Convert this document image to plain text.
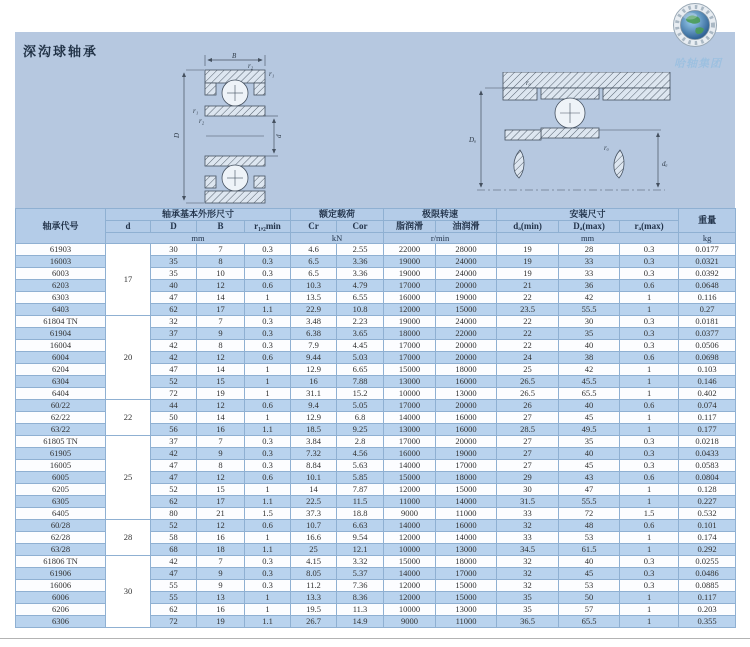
深沟球轴承	B
r₂
r₁
r₁
r₂
D	d
rₐ
rₐ
Dₐ
dₐ
哈轴集团
轴承代号	轴承基本外形尺寸				额定载荷		极限转速		安装尺寸			重量
	d	D	B	r₁,₂min	Cr	Cor	脂润滑	油润滑	dₐ(min)	Dₐ(max)	rₐ(max)	
	mm				kN		r/min		mm			kg
61903	17	30	7	0.3	4.6	2.55	22000	28000	19	28	0.3	0.0177
16003		35	8	0.3	6.5	3.36	19000	24000	19	33	0.3	0.0321
6003		35	10	0.3	6.5	3.36	19000	24000	19	33	0.3	0.0392
6203		40	12	0.6	10.3	4.79	17000	20000	21	36	0.6	0.0648
6303		47	14	1	13.5	6.55	16000	19000	22	42	1	0.116
6403		62	17	1.1	22.9	10.8	12000	15000	23.5	55.5	1	0.27
61804 TN	20	32	7	0.3	3.48	2.23	19000	24000	22	30	0.3	0.0181
61904		37	9	0.3	6.38	3.65	18000	22000	22	35	0.3	0.0377
16004		42	8	0.3	7.9	4.45	17000	20000	22	40	0.3	0.0506
6004		42	12	0.6	9.44	5.03	17000	20000	24	38	0.6	0.0698
6204		47	14	1	12.9	6.65	15000	18000	25	42	1	0.103
6304		52	15	1	16	7.88	13000	16000	26.5	45.5	1	0.146
6404		72	19	1	31.1	15.2	10000	13000	26.5	65.5	1	0.402
60/22	22	44	12	0.6	9.4	5.05	17000	20000	26	40	0.6	0.074
62/22		50	14	1	12.9	6.8	14000	16000	27	45	1	0.117
63/22		56	16	1.1	18.5	9.25	13000	16000	28.5	49.5	1	0.177
61805 TN	25	37	7	0.3	3.84	2.8	17000	20000	27	35	0.3	0.0218
61905		42	9	0.3	7.32	4.56	16000	19000	27	40	0.3	0.0433
16005		47	8	0.3	8.84	5.63	14000	17000	27	45	0.3	0.0583
6005		47	12	0.6	10.1	5.85	15000	18000	29	43	0.6	0.0804
6205		52	15	1	14	7.87	12000	15000	30	47	1	0.128
6305		62	17	1.1	22.5	11.5	11000	14000	31.5	55.5	1	0.227
6405		80	21	1.5	37.3	18.8	9000	11000	33	72	1.5	0.532
60/28	28	52	12	0.6	10.7	6.63	14000	16000	32	48	0.6	0.101
62/28		58	16	1	16.6	9.54	12000	14000	33	53	1	0.174
63/28		68	18	1.1	25	12.1	10000	13000	34.5	61.5	1	0.292
61806 TN	30	42	7	0.3	4.15	3.32	15000	18000	32	40	0.3	0.0255
61906		47	9	0.3	8.05	5.37	14000	17000	32	45	0.3	0.0486
16006		55	9	0.3	11.2	7.36	12000	15000	32	53	0.3	0.0885
6006		55	13	1	13.3	8.36	12000	15000	35	50	1	0.117
6206		62	16	1	19.5	11.3	10000	13000	35	57	1	0.203
6306		72	19	1.1	26.7	14.9	9000	11000	36.5	65.5	1	0.355
